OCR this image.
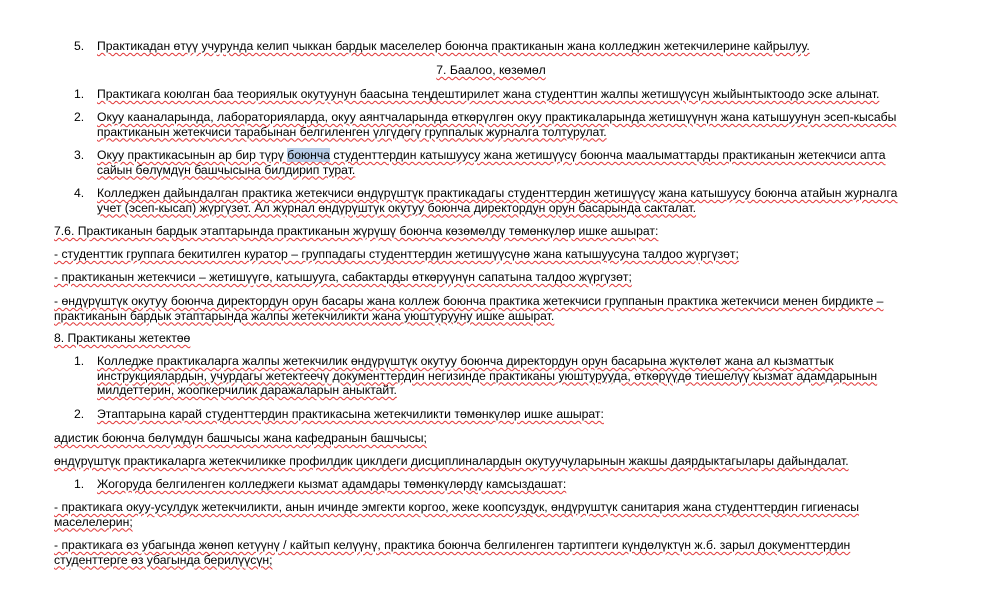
5.	Практикадан өтүү учурунда келип чыккан бардык маселелер боюнча практиканын жана колледжин жетекчилерине кайрылуу.
7. Баалоо, көзөмөл
1.	Практикага коюлган баа теориялык окутуунун баасына теңдештирилет жана студенттин жалпы жетишүүсүн жыйынтыктоодо эске алынат.
2.	Окуу кааналарында, лабораторияларда, окуу аянтчаларында өткөрүлгөн окуу практикаларында жетишүүнүн жана катышуунун эсеп-кысабы практиканын жетекчиси тарабынан белгиленген үлгүдөгү группалык журналга толтурулат.
3.	Окуу практикасынын ар бир түрү боюнча студенттердин катышуусу жана жетишүүсү боюнча маалыматтарды практиканын жетекчиси апта сайын бөлүмдүн башчысына билдирип турат.
4.	Колледжен дайындалган практика жетекчиси өндүрүштүк практикадагы студенттердин жетишүүсү жана катышуусу боюнча атайын журналга учет (эсеп-кысап) жүргүзөт. Ал журнал өндүрүштүк окутуу боюнча директордун орун басарында сакталат.
7.6. Практиканын бардык этаптарында практиканын жүрүшү боюнча көзөмөлдү төмөнкүлөр ишке ашырат:
- студенттик группага бекитилген куратор – группадагы студенттердин жетишүүсүнө жана катышуусуна талдоо жүргүзөт;
- практиканын жетекчиси – жетишүүгө, катышууга, сабактарды өткөрүүнүн сапатына талдоо жүргүзөт;
- өндүрүштүк окутуу боюнча директордун орун басары жана коллеж боюнча практика жетекчиси группанын практика жетекчиси менен бирдикте – практиканын бардык этаптарында жалпы жетекчиликти жана уюштурууну ишке ашырат.
8. Практиканы жетектөө
1.	Колледже практикаларга жалпы жетекчилик өндүрүштүк окутуу боюнча директордун орун басарына жүктөлөт жана ал кызматтык инструкциялардын, учурдагы жетектеечү документтердин негизинде практиканы уюштурууда, өткөрүүдө тиешелүү кызмат адамдарынын милдеттерин, жоопкерчилик даражаларын аныктайт.
2.	Этаптарына карай студенттердин практикасына жетекчиликти төмөнкүлөр ишке ашырат:
адистик боюнча бөлүмдүн башчысы жана кафедранын башчысы;
өндүрүштүк практикаларга жетекчиликке профилдик циклдеги дисциплиналардын окутуучуларынын жакшы даярдыктагылары дайындалат.
1.	Жогоруда белгиленген колледжеги кызмат адамдары төмөнкүлөрдү камсыздашат:
- практикага окуу-усулдук жетекчиликти, анын ичинде эмгекти коргоо, жеке коопсуздук, өндүрүштүк санитария жана студенттердин гигиенасы маселелерин;
- практикага өз убагында жөнөп кетүүнү / кайтып келүүнү, практика боюнча белгиленген тартиптеги күндөлүктүн ж.б. зарыл документтердин студенттерге өз убагында берилүүсүн;
